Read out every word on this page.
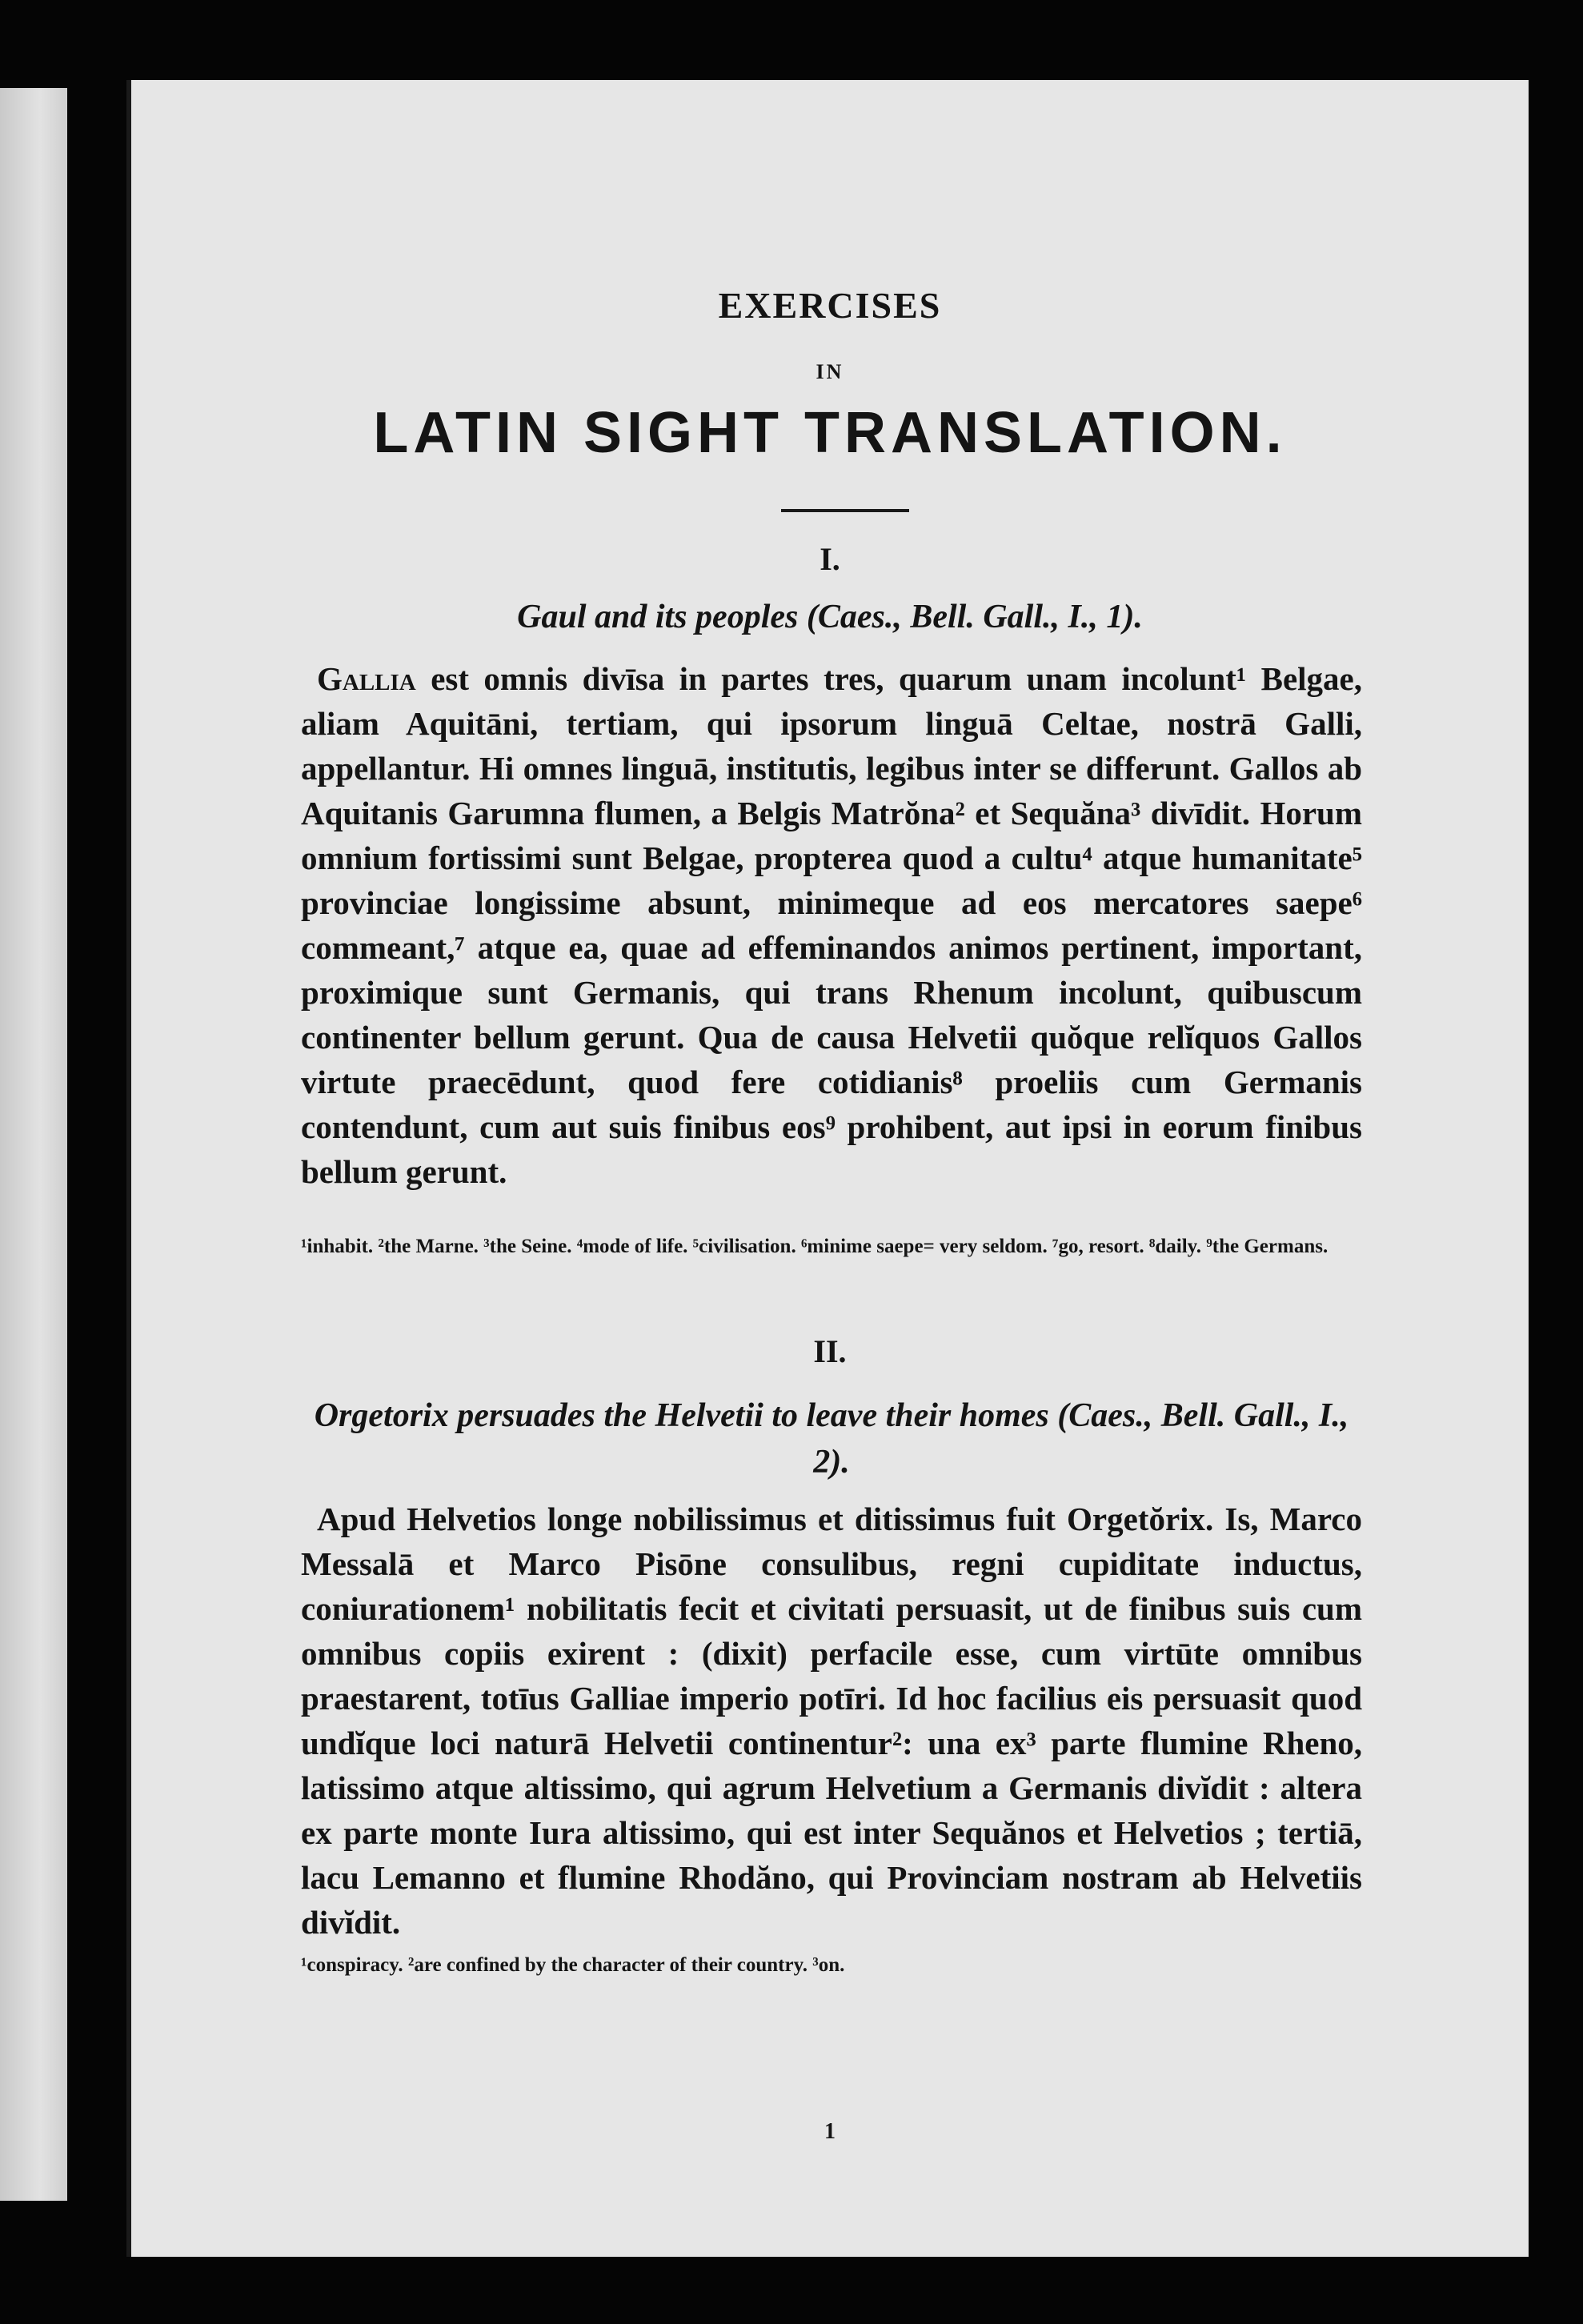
EXERCISES
IN
LATIN SIGHT TRANSLATION.
I.
Gaul and its peoples (Caes., Bell. Gall., I., 1).

Gallia est omnis divīsa in partes tres, quarum unam incolunt¹ Belgae, aliam Aquitāni, tertiam, qui ipsorum linguā Celtae, nostrā Galli, appellantur. Hi omnes linguā, institutis, legibus inter se differunt. Gallos ab Aquitanis Garumna flumen, a Belgis Matrŏna² et Sequăna³ divīdit. Horum omnium fortissimi sunt Belgae, propterea quod a cultu⁴ atque humanitate⁵ provinciae longissime absunt, minimeque ad eos mercatores saepe⁶ commeant,⁷ atque ea, quae ad effeminandos animos pertinent, important, proximique sunt Germanis, qui trans Rhenum incolunt, quibuscum continenter bellum gerunt. Qua de causa Helvetii quŏque relĭquos Gallos virtute praecēdunt, quod fere cotidianis⁸ proeliis cum Germanis contendunt, cum aut suis finibus eos⁹ prohibent, aut ipsi in eorum finibus bellum gerunt.

¹inhabit. ²the Marne. ³the Seine. ⁴mode of life. ⁵civilisation. ⁶minime saepe= very seldom. ⁷go, resort. ⁸daily. ⁹the Germans.

II.
Orgetorix persuades the Helvetii to leave their homes (Caes., Bell. Gall., I., 2).

Apud Helvetios longe nobilissimus et ditissimus fuit Orgetŏrix. Is, Marco Messalā et Marco Pisōne consulibus, regni cupiditate inductus, coniurationem¹ nobilitatis fecit et civitati persuasit, ut de finibus suis cum omnibus copiis exirent : (dixit) perfacile esse, cum virtūte omnibus praestarent, totīus Galliae imperio potīri. Id hoc facilius eis persuasit quod undĭque loci naturā Helvetii continentur²: una ex³ parte flumine Rheno, latissimo atque altissimo, qui agrum Helvetium a Germanis divĭdit : altera ex parte monte Iura altissimo, qui est inter Sequănos et Helvetios ; tertiā, lacu Lemanno et flumine Rhodăno, qui Provinciam nostram ab Helvetiis divĭdit.

¹conspiracy. ²are confined by the character of their country. ³on.

1
